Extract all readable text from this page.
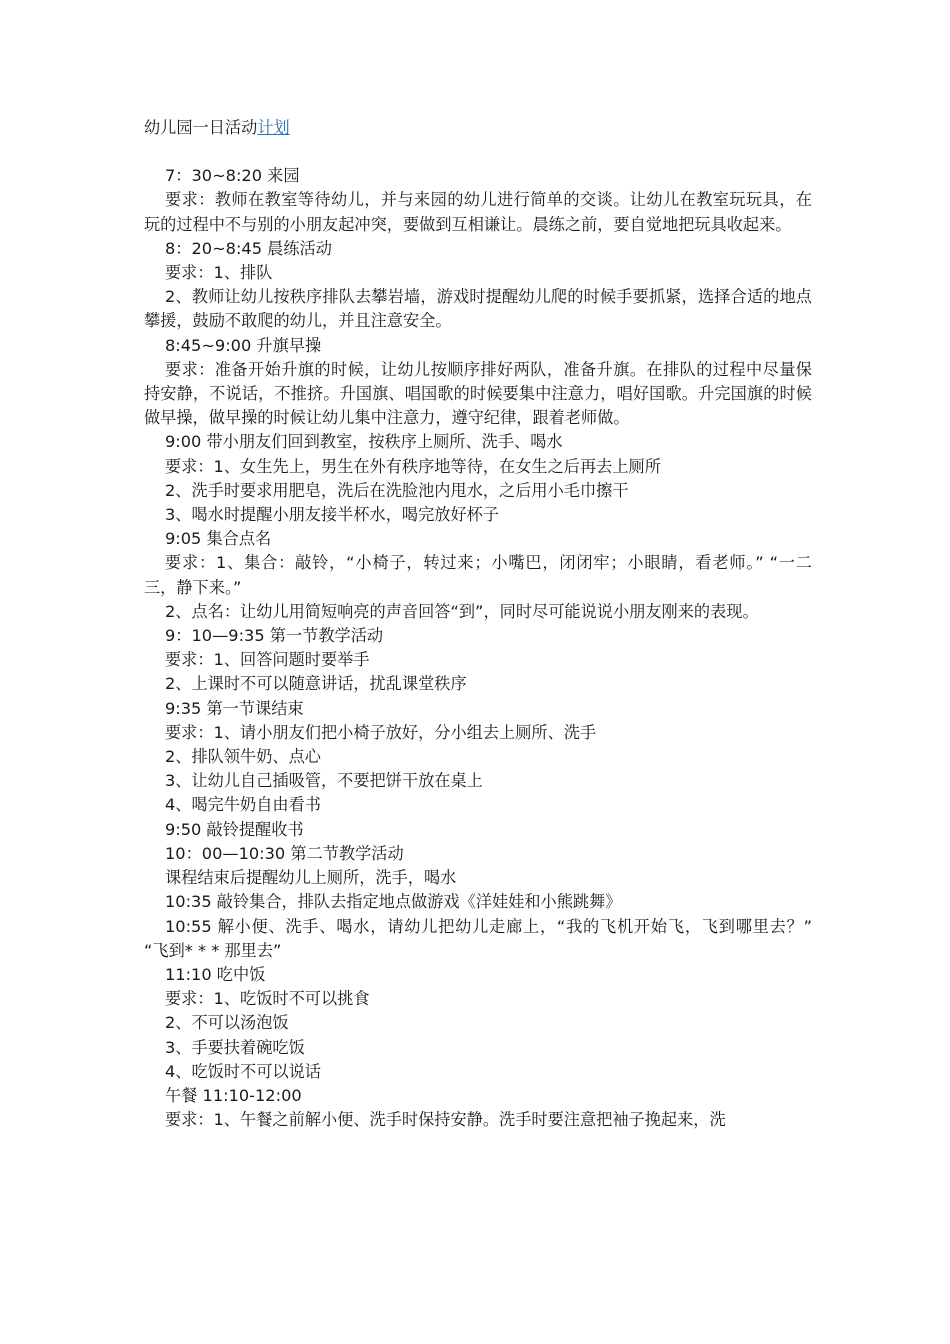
幼儿园一日活动计划

7：30~8:20 来园

要求：教师在教室等待幼儿，并与来园的幼儿进行简单的交谈。让幼儿在教室玩玩具，在玩的过程中不与别的小朋友起冲突，要做到互相谦让。晨练之前，要自觉地把玩具收起来。

8：20~8:45 晨练活动

要求：1、排队

2、教师让幼儿按秩序排队去攀岩墙，游戏时提醒幼儿爬的时候手要抓紧，选择合适的地点攀援，鼓励不敢爬的幼儿，并且注意安全。

8:45~9:00 升旗早操

要求：准备开始升旗的时候，让幼儿按顺序排好两队，准备升旗。在排队的过程中尽量保持安静，不说话，不推挤。升国旗、唱国歌的时候要集中注意力，唱好国歌。升完国旗的时候 做早操，做早操的时候让幼儿集中注意力，遵守纪律，跟着老师做。

9:00 带小朋友们回到教室，按秩序上厕所、洗手、喝水

要求：1、女生先上，男生在外有秩序地等待，在女生之后再去上厕所

2、洗手时要求用肥皂，洗后在洗脸池内甩水，之后用小毛巾擦干

3、喝水时提醒小朋友接半杯水，喝完放好杯子

9:05 集合点名

要求：1、集合：敲铃，“小椅子，转过来；小嘴巴，闭闭牢；小眼睛，看老师。” “一二三，静下来。”

2、点名：让幼儿用简短响亮的声音回答“到”，同时尽可能说说小朋友刚来的表现。

9：10—9:35 第一节教学活动

要求：1、回答问题时要举手

2、上课时不可以随意讲话，扰乱课堂秩序

9:35 第一节课结束

要求：1、请小朋友们把小椅子放好，分小组去上厕所、洗手

2、排队领牛奶、点心

3、让幼儿自己插吸管，不要把饼干放在桌上

4、喝完牛奶自由看书

9:50 敲铃提醒收书

10：00—10:30 第二节教学活动

课程结束后提醒幼儿上厕所，洗手，喝水

10:35 敲铃集合，排队去指定地点做游戏《洋娃娃和小熊跳舞》

10:55 解小便、洗手、喝水，请幼儿把幼儿走廊上，“我的飞机开始飞，飞到哪里去？” “飞到* * * 那里去”

11:10 吃中饭

要求：1、吃饭时不可以挑食

2、不可以汤泡饭

3、手要扶着碗吃饭

4、吃饭时不可以说话

午餐 11:10-12:00

要求：1、午餐之前解小便、洗手时保持安静。洗手时要注意把袖子挽起来，洗
